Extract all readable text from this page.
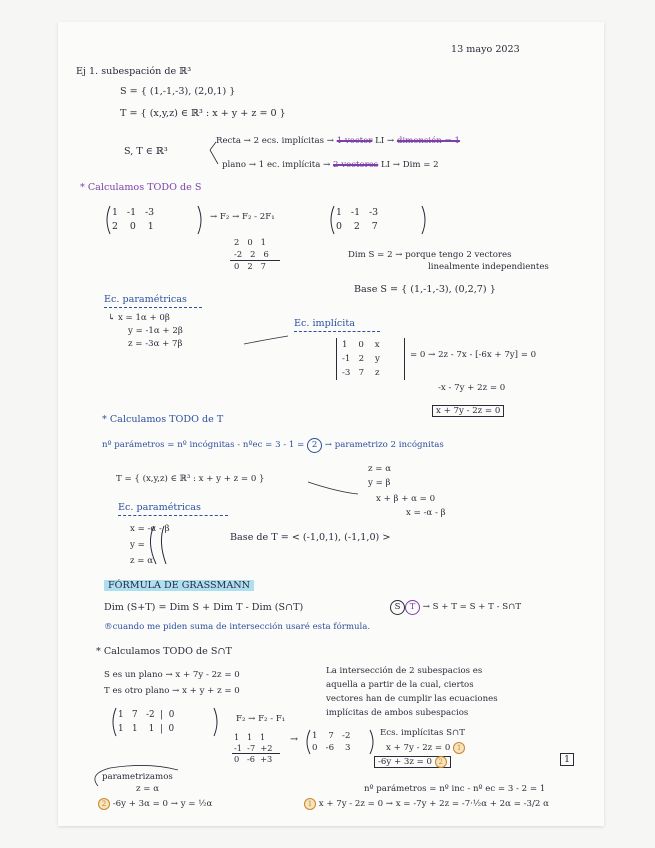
13 mayo 2023
Ej 1. subespación de ℝ³
S = { (1,-1,-3), (2,0,1) }
T = { (x,y,z) ∈ ℝ³ : x + y + z = 0 }
S, T ∈ ℝ³
Recta → 2 ecs. implícitas → 1 vector LI → dimensión = 1
plano → 1 ec. implícita → 2 vectores LI → Dim = 2
* Calculamos TODO de S
1   -1   -3
2    0    1
→ F₂ → F₂ - 2F₁	1   -1   -3
0    2    7
2   0   1
-2   2   6
0   2   7
Dim S = 2 → porque tengo 2 vectores
linealmente independientes
Base S = { (1,-1,-3), (0,2,7) }
Ec. paramétricas
↳ x = 1α + 0β
y = -1α + 2β
z = -3α + 7β
Ec. implícita
1    0    x
-1   2    y
-3   7    z
= 0 → 2z - 7x - [-6x + 7y] = 0
-x - 7y + 2z = 0
x + 7y - 2z = 0
* Calculamos TODO de T
nº parámetros = nº incógnitas - nºec = 3 - 1 = 2 → parametrizo 2 incógnitas
T = { (x,y,z) ∈ ℝ³ : x + y + z = 0 }
z = α
y = β
x + β + α = 0
x = -α - β
Ec. paramétricas
x = -α - β
y =
z = α
Base de T = < (-1,0,1), (-1,1,0) >
FÓRMULA DE GRASSMANN
Dim (S+T) = Dim S + Dim T - Dim (S∩T)	S T → S + T = S + T - S∩T
®cuando me piden suma de intersección usaré esta fórmula.
* Calculamos TODO de S∩T
S es un plano → x + 7y - 2z = 0
T es otro plano → x + y + z = 0
La intersección de 2 subespacios es
aquella a partir de la cual, ciertos
vectores han de cumplir las ecuaciones
implícitas de ambos subespacios
1   7   -2  |  0
1   1    1  |  0
F₂ → F₂ - F₁
1   1   1
-1  -7  +2
0   -6  +3
→ 1    7   -2
0   -6    3
Ecs. implícitas S∩T
x + 7y - 2z = 0 1
-6y + 3z = 0 2	1
parametrizamos
z = α	nº parámetros = nº inc - nº ec = 3 - 2 = 1
2 -6y + 3α = 0 → y = ½α	1 x + 7y - 2z = 0 → x = -7y + 2z = -7·½α + 2α = -3/2 α
